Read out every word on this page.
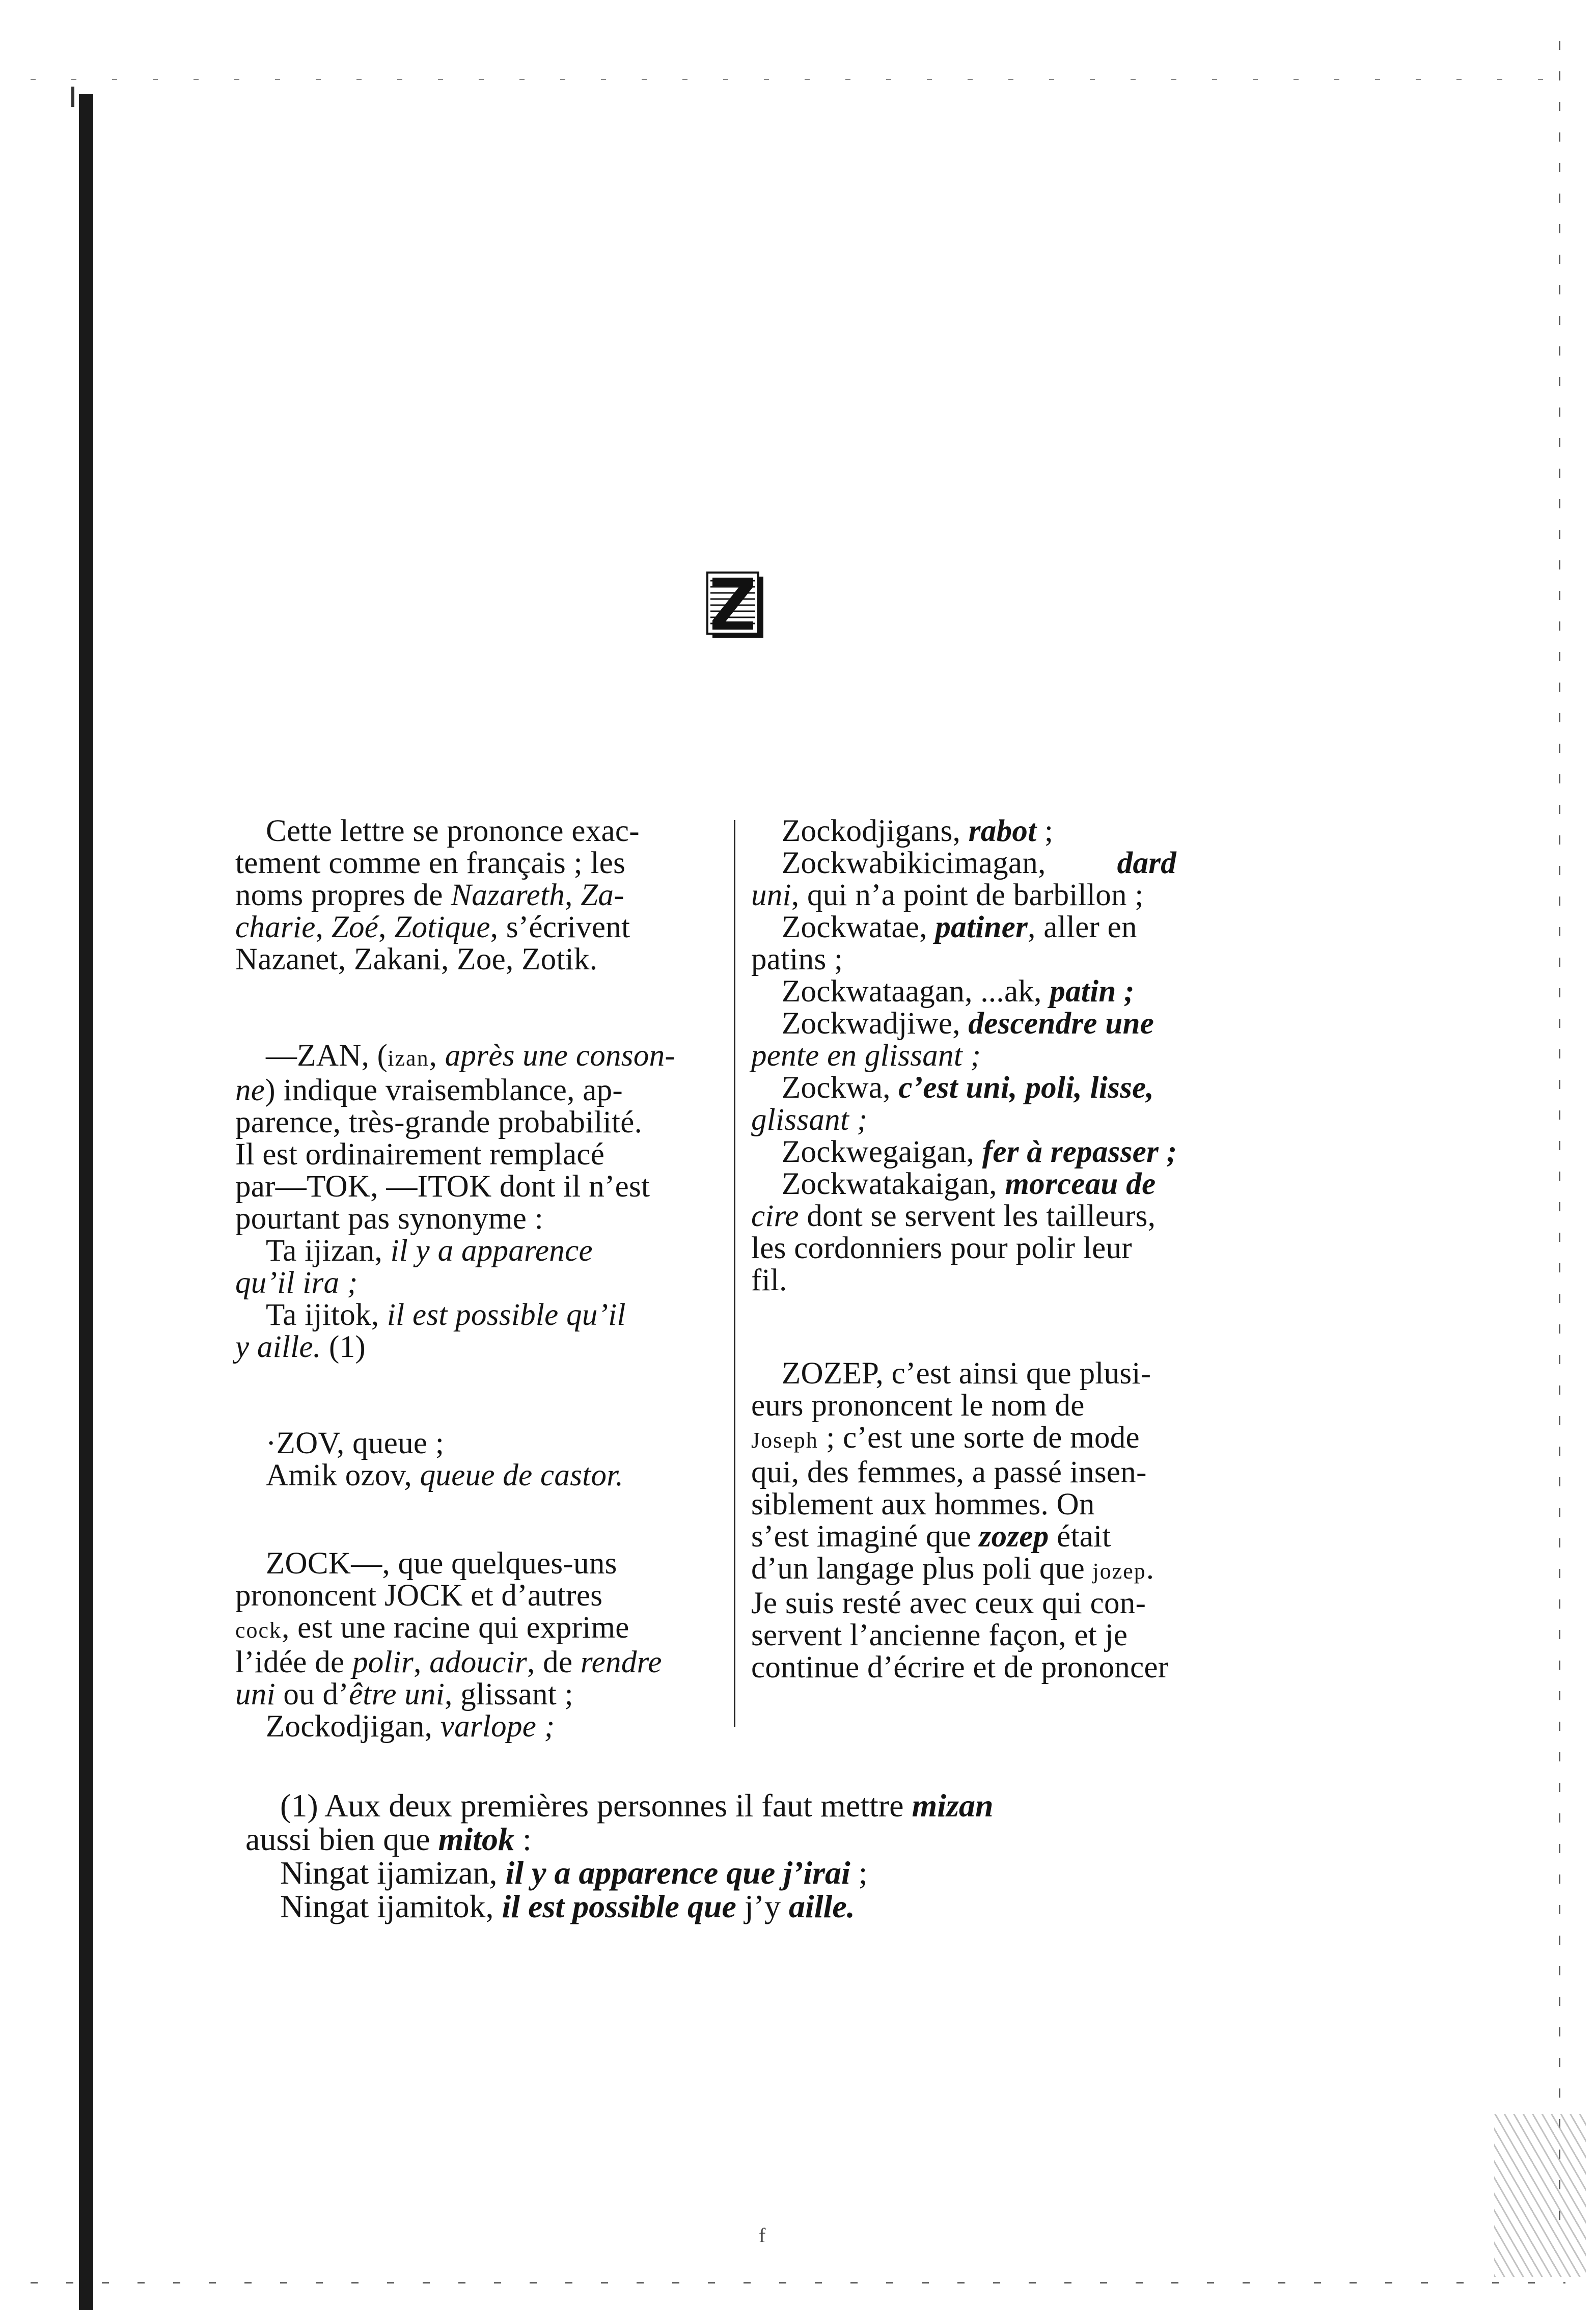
Z

Cette lettre se prononce exac-

tement comme en français ; les

noms propres de Nazareth, Za-

charie, Zoé, Zotique, s’écrivent

Nazanet, Zakani, Zoe, Zotik.

—ZAN, (izan, après une conson-

ne) indique vraisemblance, ap-

parence, très-grande probabilité.

Il est ordinairement remplacé

par—TOK, —ITOK dont il n’est

pourtant pas synonyme :

Ta ijizan, il y a apparence

qu’il ira ;

Ta ijitok, il est possible qu’il

y aille. (1)

·ZOV, queue ;

Amik ozov, queue de castor.

ZOCK—, que quelques-uns

prononcent JOCK et d’autres

cock, est une racine qui exprime

l’idée de polir, adoucir, de rendre

uni ou d’être uni, glissant ;

Zockodjigan, varlope ;

Zockodjigans, rabot ;

Zockwabikicimagan, dard

uni, qui n’a point de barbillon ;

Zockwatae, patiner, aller en

patins ;

Zockwataagan, ...ak, patin ;

Zockwadjiwe, descendre une

pente en glissant ;

Zockwa, c’est uni, poli, lisse,

glissant ;

Zockwegaigan, fer à repasser ;

Zockwatakaigan, morceau de

cire dont se servent les tailleurs,

les cordonniers pour polir leur

fil.

ZOZEP, c’est ainsi que plusi-

eurs prononcent le nom de

Joseph ; c’est une sorte de mode

qui, des femmes, a passé insen-

siblement aux hommes. On

s’est imaginé que zozep était

d’un langage plus poli que jozep.

Je suis resté avec ceux qui con-

servent l’ancienne façon, et je

continue d’écrire et de prononcer

(1) Aux deux premières personnes il faut mettre mizan

aussi bien que mitok :

Ningat ijamizan, il y a apparence que j’irai ;

Ningat ijamitok, il est possible que j’y aille.

f
